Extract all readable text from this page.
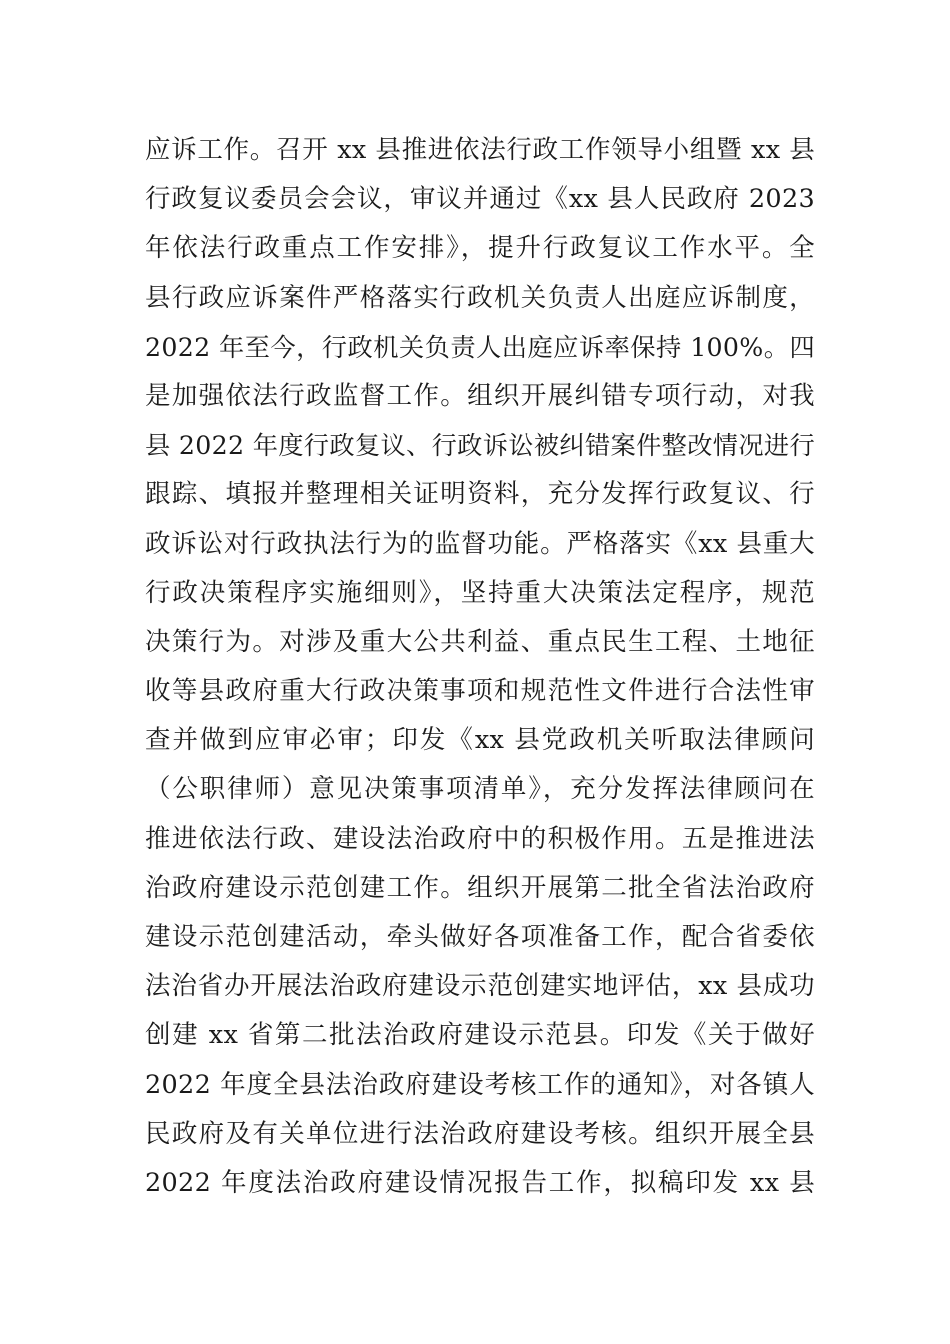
应诉工作。召开 xx 县推进依法行政工作领导小组暨 xx 县
行政复议委员会会议，审议并通过《xx 县人民政府 2023
年依法行政重点工作安排》，提升行政复议工作水平。全
县行政应诉案件严格落实行政机关负责人出庭应诉制度，
2022 年至今，行政机关负责人出庭应诉率保持 100%。四
是加强依法行政监督工作。组织开展纠错专项行动，对我
县 2022 年度行政复议、行政诉讼被纠错案件整改情况进行
跟踪、填报并整理相关证明资料，充分发挥行政复议、行
政诉讼对行政执法行为的监督功能。严格落实《xx 县重大
行政决策程序实施细则》，坚持重大决策法定程序，规范
决策行为。对涉及重大公共利益、重点民生工程、土地征
收等县政府重大行政决策事项和规范性文件进行合法性审
查并做到应审必审；印发《xx 县党政机关听取法律顾问
（公职律师）意见决策事项清单》，充分发挥法律顾问在
推进依法行政、建设法治政府中的积极作用。五是推进法
治政府建设示范创建工作。组织开展第二批全省法治政府
建设示范创建活动，牵头做好各项准备工作，配合省委依
法治省办开展法治政府建设示范创建实地评估，xx 县成功
创建 xx 省第二批法治政府建设示范县。印发《关于做好
2022 年度全县法治政府建设考核工作的通知》，对各镇人
民政府及有关单位进行法治政府建设考核。组织开展全县
2022 年度法治政府建设情况报告工作，拟稿印发 xx 县
